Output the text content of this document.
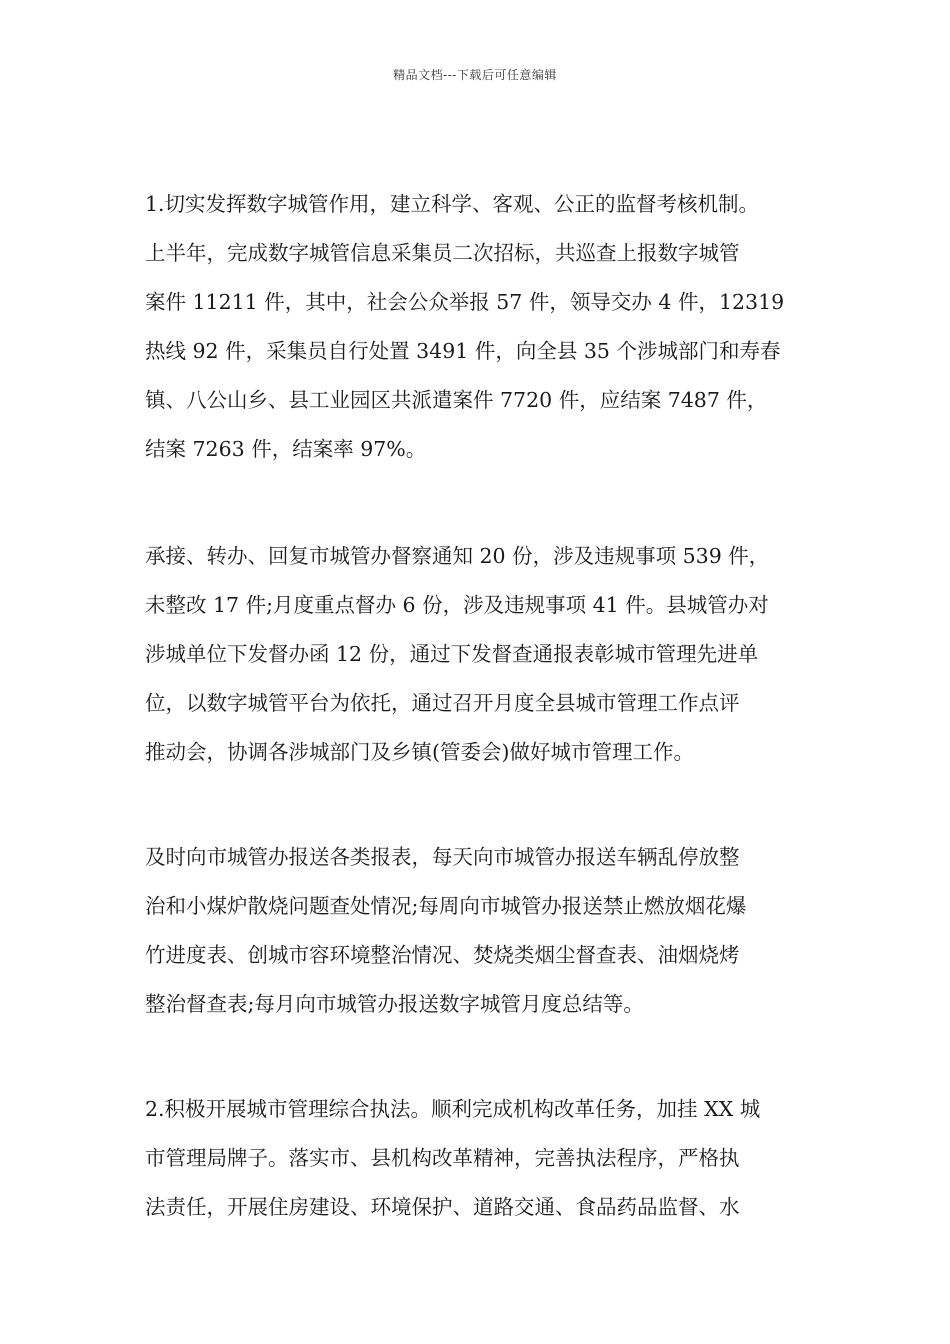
精品文档---下载后可任意编辑
1.切实发挥数字城管作用，建立科学、客观、公正的监督考核机制。
上半年，完成数字城管信息采集员二次招标，共巡查上报数字城管
案件 11211 件，其中，社会公众举报 57 件，领导交办 4 件，12319
热线 92 件，采集员自行处置 3491 件，向全县 35 个涉城部门和寿春
镇、八公山乡、县工业园区共派遣案件 7720 件，应结案 7487 件，
结案 7263 件，结案率 97%。
承接、转办、回复市城管办督察通知 20 份，涉及违规事项 539 件，
未整改 17 件;月度重点督办 6 份，涉及违规事项 41 件。县城管办对
涉城单位下发督办函 12 份，通过下发督查通报表彰城市管理先进单
位，以数字城管平台为依托，通过召开月度全县城市管理工作点评
推动会，协调各涉城部门及乡镇(管委会)做好城市管理工作。
及时向市城管办报送各类报表，每天向市城管办报送车辆乱停放整
治和小煤炉散烧问题查处情况;每周向市城管办报送禁止燃放烟花爆
竹进度表、创城市容环境整治情况、焚烧类烟尘督查表、油烟烧烤
整治督查表;每月向市城管办报送数字城管月度总结等。
2.积极开展城市管理综合执法。顺利完成机构改革任务，加挂 XX 城
市管理局牌子。落实市、县机构改革精神，完善执法程序，严格执
法责任，开展住房建设、环境保护、道路交通、食品药品监督、水
